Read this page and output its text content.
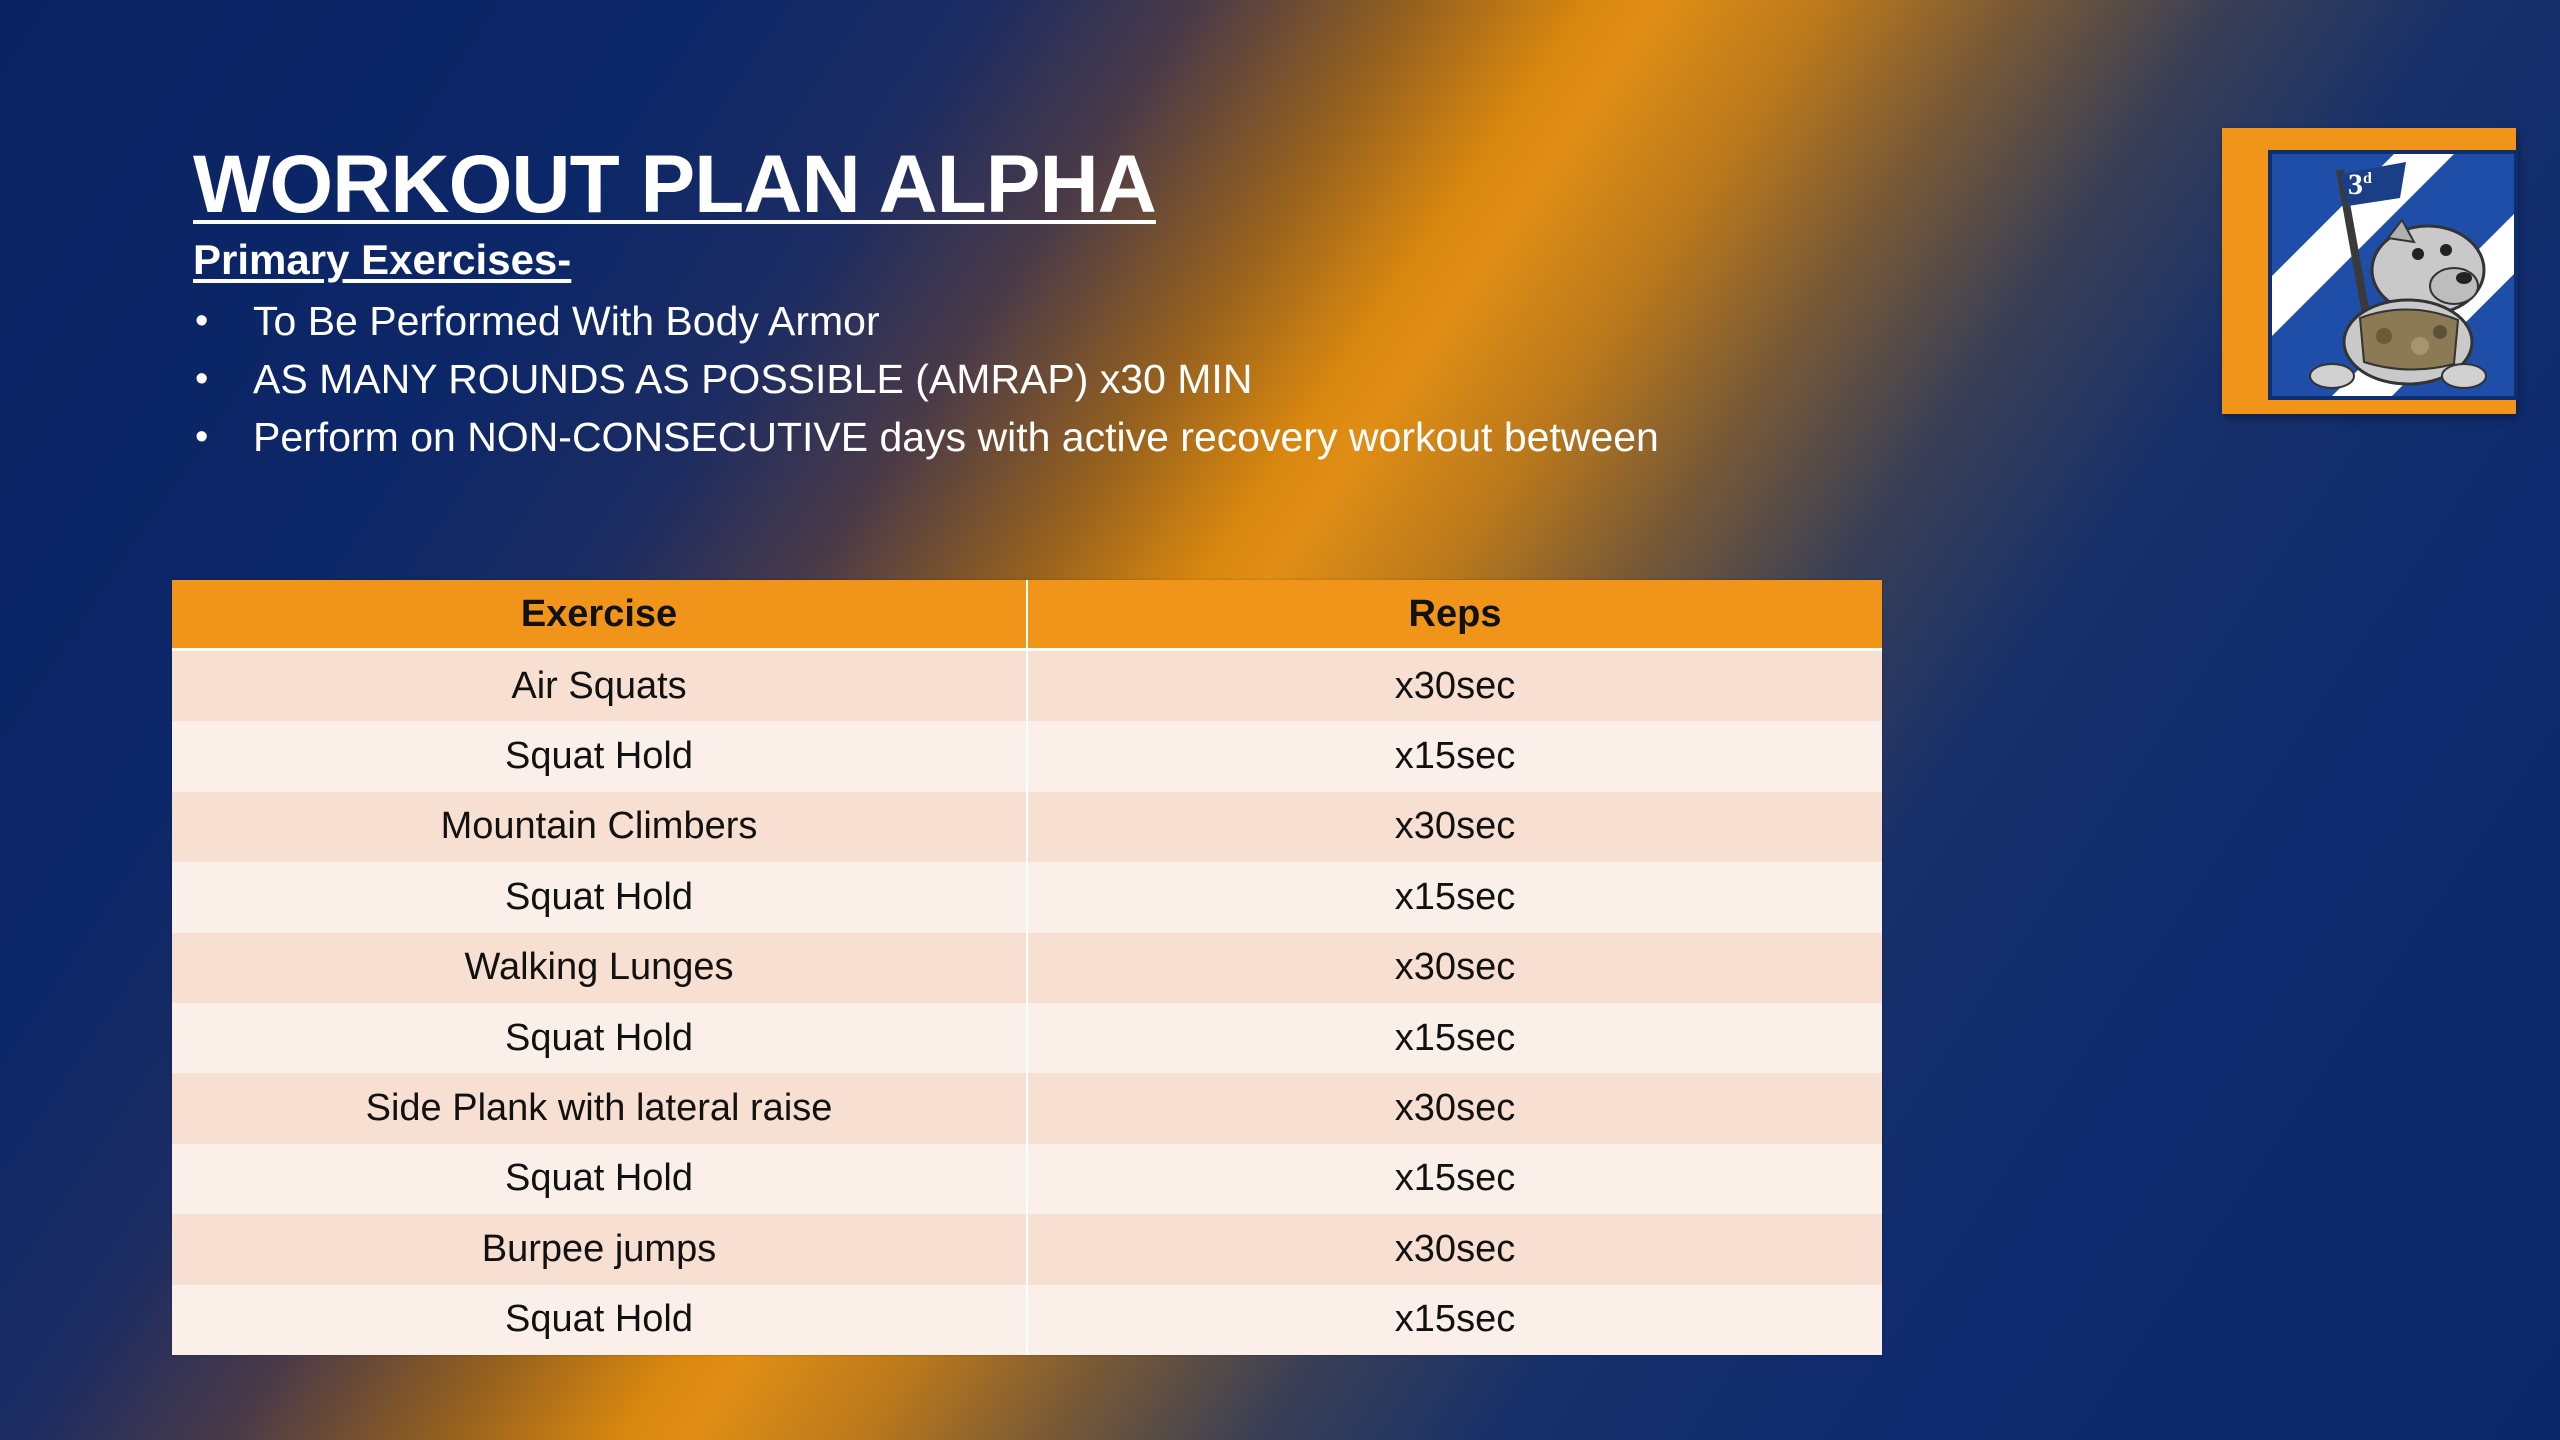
WORKOUT PLAN ALPHA
Primary Exercises-
• To Be Performed With Body Armor
• AS MANY ROUNDS AS POSSIBLE (AMRAP) x30 MIN
• Perform on NON-CONSECUTIVE days with active recovery workout between
Exercise	Reps
Air Squats	x30sec
Squat Hold	x15sec
Mountain Climbers	x30sec
Squat Hold	x15sec
Walking Lunges	x30sec
Squat Hold	x15sec
Side Plank with lateral raise	x30sec
Squat Hold	x15sec
Burpee jumps	x30sec
Squat Hold	x15sec
3$^d$
